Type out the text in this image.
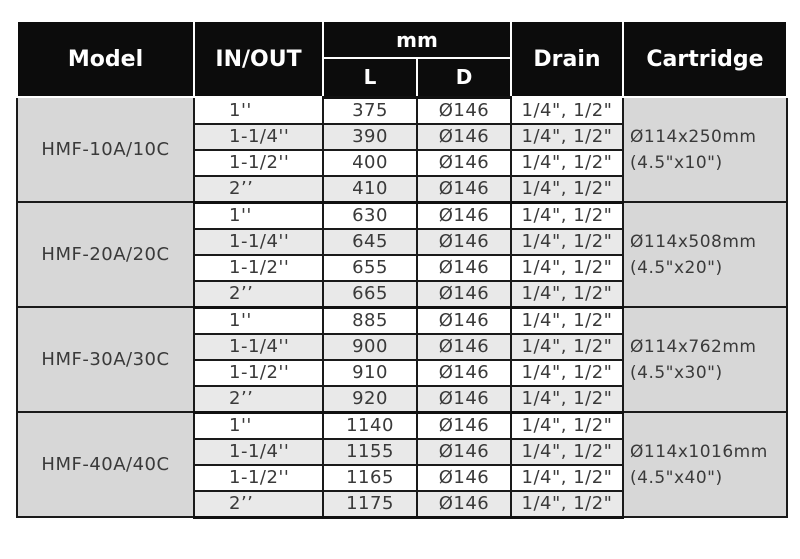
Model	IN/OUT	mm		Drain	Cartridge
		L	D		
HMF-10A/10C	1''	375	Ø146	1/4", 1/2"	Ø114x250mm
(4.5"x10")

	1-1/4''	390	Ø146	1/4", 1/2"	
	1-1/2''	400	Ø146	1/4", 1/2"	
	2’’	410	Ø146	1/4", 1/2"	
HMF-20A/20C	1''	630	Ø146	1/4", 1/2"	Ø114x508mm
(4.5"x20")

	1-1/4''	645	Ø146	1/4", 1/2"	
	1-1/2''	655	Ø146	1/4", 1/2"	
	2’’	665	Ø146	1/4", 1/2"	
HMF-30A/30C	1''	885	Ø146	1/4", 1/2"	Ø114x762mm
(4.5"x30")

	1-1/4''	900	Ø146	1/4", 1/2"	
	1-1/2''	910	Ø146	1/4", 1/2"	
	2’’	920	Ø146	1/4", 1/2"	
HMF-40A/40C	1''	1140	Ø146	1/4", 1/2"	Ø114x1016mm
(4.5"x40")

	1-1/4''	1155	Ø146	1/4", 1/2"	
	1-1/2''	1165	Ø146	1/4", 1/2"	
	2’’	1175	Ø146	1/4", 1/2"	
